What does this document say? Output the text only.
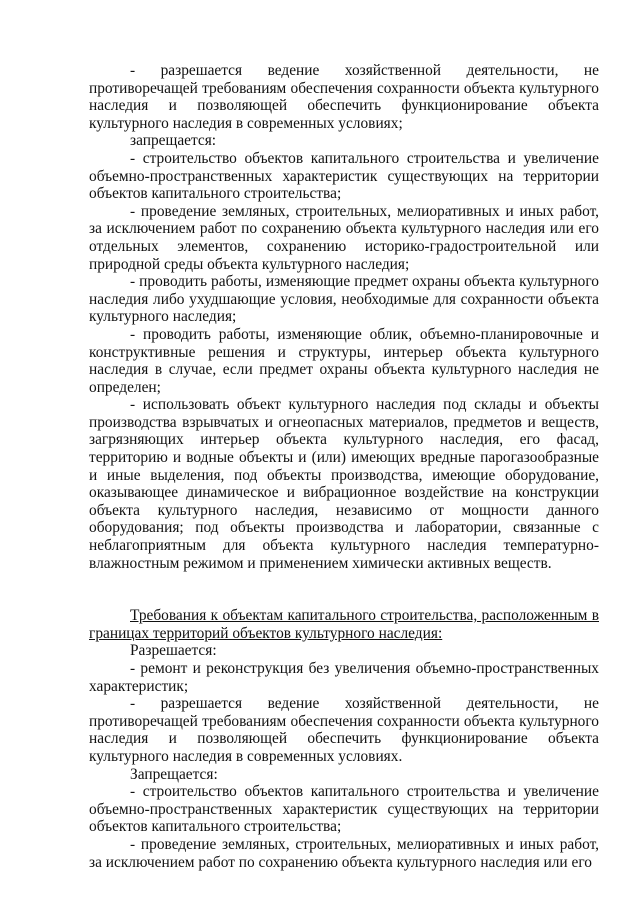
- разрешается ведение хозяйственной деятельности, не противоречащей требованиям обеспечения сохранности объекта культурного наследия и позволяющей обеспечить функционирование объекта культурного наследия в современных условиях;

запрещается:

- строительство объектов капитального строительства и увеличение объемно-пространственных характеристик существующих на территории объектов капитального строительства;

- проведение земляных, строительных, мелиоративных и иных работ, за исключением работ по сохранению объекта культурного наследия или его отдельных элементов, сохранению историко-градостроительной или природной среды объекта культурного наследия;

- проводить работы, изменяющие предмет охраны объекта культурного наследия либо ухудшающие условия, необходимые для сохранности объекта культурного наследия;

- проводить работы, изменяющие облик, объемно-планировочные и конструктивные решения и структуры, интерьер объекта культурного наследия в случае, если предмет охраны объекта культурного наследия не определен;

- использовать объект культурного наследия под склады и объекты производства взрывчатых и огнеопасных материалов, предметов и веществ, загрязняющих интерьер объекта культурного наследия, его фасад, территорию и водные объекты и (или) имеющих вредные парогазообразные и иные выделения, под объекты производства, имеющие оборудование, оказывающее динамическое и вибрационное воздействие на конструкции объекта культурного наследия, независимо от мощности данного оборудования; под объекты производства и лаборатории, связанные с неблагоприятным для объекта культурного наследия температурно-влажностным режимом и применением химически активных веществ.

Требования к объектам капитального строительства, расположенным в границах территорий объектов культурного наследия:

Разрешается:

- ремонт и реконструкция без увеличения объемно-пространственных характеристик;

- разрешается ведение хозяйственной деятельности, не противоречащей требованиям обеспечения сохранности объекта культурного наследия и позволяющей обеспечить функционирование объекта культурного наследия в современных условиях.

Запрещается:

- строительство объектов капитального строительства и увеличение объемно-пространственных характеристик существующих на территории объектов капитального строительства;

- проведение земляных, строительных, мелиоративных и иных работ, за исключением работ по сохранению объекта культурного наследия или его
